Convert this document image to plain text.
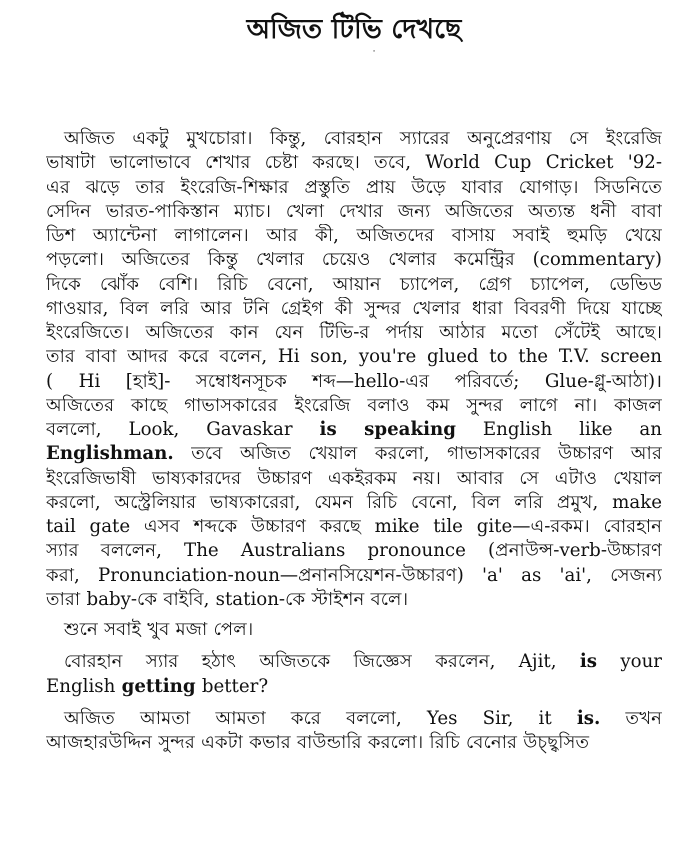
অজিত টিভি দেখছে
·
অজিত একটু মুখচোরা। কিন্তু, বোরহান স্যারের অনুপ্রেরণায় সে ইংরেজি
ভাষাটা ভালোভাবে শেখার চেষ্টা করছে। তবে, World Cup Cricket '92-
এর ঝড়ে তার ইংরেজি-শিক্ষার প্রস্তুতি প্রায় উড়ে যাবার যোগাড়। সিডনিতে
সেদিন ভারত-পাকিস্তান ম্যাচ। খেলা দেখার জন্য অজিতের অত্যন্ত ধনী বাবা
ডিশ অ্যান্টেনা লাগালেন। আর কী, অজিতদের বাসায় সবাই হুমড়ি খেয়ে
পড়লো। অজিতের কিন্তু খেলার চেয়েও খেলার কমেন্ট্রির (commentary)
দিকে ঝোঁক বেশি। রিচি বেনো, আয়ান চ্যাপেল, গ্রেগ চ্যাপেল, ডেভিড
গাওয়ার, বিল লরি আর টনি গ্রেইগ কী সুন্দর খেলার ধারা বিবরণী দিয়ে যাচ্ছে
ইংরেজিতে। অজিতের কান যেন টিভি-র পর্দায় আঠার মতো সেঁটেই আছে।
তার বাবা আদর করে বলেন, Hi son, you're glued to the T.V. screen
( Hi [হাই]- সম্বোধনসূচক শব্দ—hello-এর পরিবর্তে; Glue-গ্লু-আঠা)।
অজিতের কাছে গাভাসকারের ইংরেজি বলাও কম সুন্দর লাগে না। কাজল
বললো, Look, Gavaskar is speaking English like an
Englishman. তবে অজিত খেয়াল করলো, গাভাসকারের উচ্চারণ আর
ইংরেজিভাষী ভাষ্যকারদের উচ্চারণ একইরকম নয়। আবার সে এটাও খেয়াল
করলো, অস্ট্রেলিয়ার ভাষ্যকারেরা, যেমন রিচি বেনো, বিল লরি প্রমুখ, make
tail gate এসব শব্দকে উচ্চারণ করছে mike tile gite—এ-রকম। বোরহান
স্যার বললেন, The Australians pronounce (প্রনাউন্স-verb-উচ্চারণ
করা, Pronunciation-noun—প্রনানসিয়েশন-উচ্চারণ) 'a' as 'ai', সেজন্য
তারা baby-কে বাইবি, station-কে স্টাইশন বলে।
শুনে সবাই খুব মজা পেল।
বোরহান স্যার হঠাৎ অজিতকে জিজ্ঞেস করলেন, Ajit, is your
English getting better?
অজিত আমতা আমতা করে বললো, Yes Sir, it is. তখন
আজহারউদ্দিন সুন্দর একটা কভার বাউন্ডারি করলো। রিচি বেনোর উচ্ছ্বসিত
